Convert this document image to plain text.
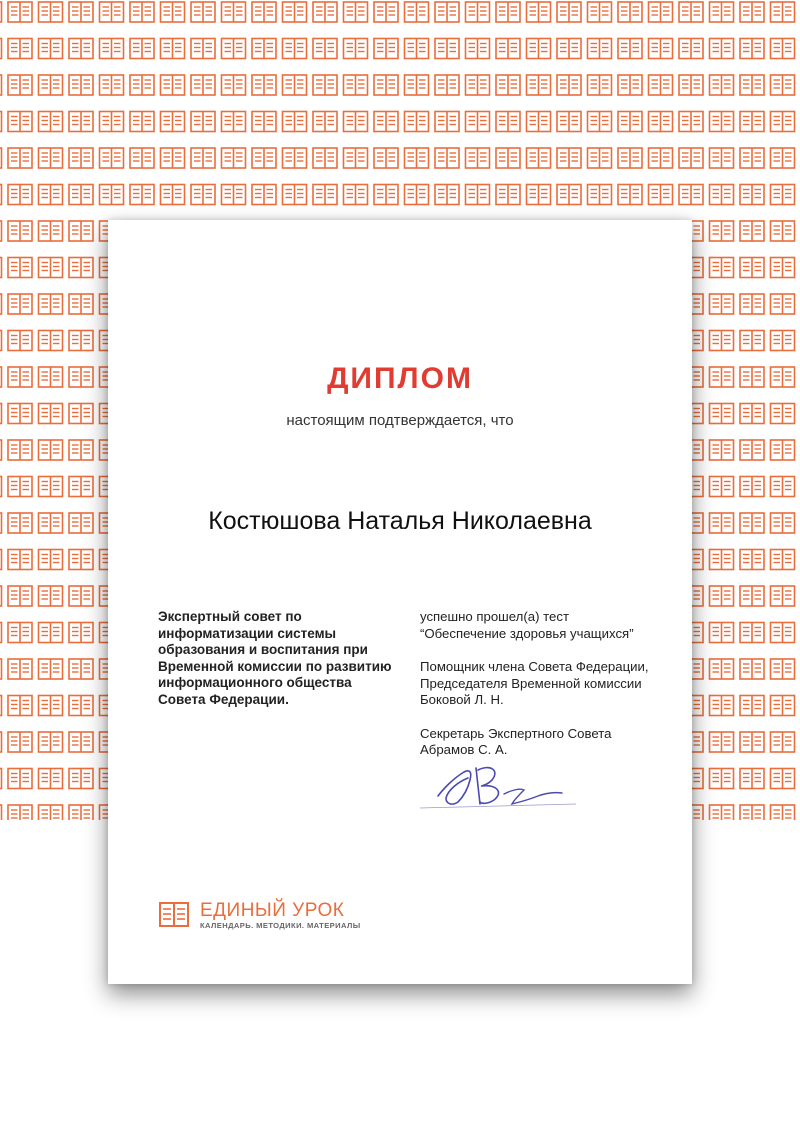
ДИПЛОМ
настоящим подтверждается, что
Костюшова Наталья Николаевна
Экспертный совет по
информатизации системы
образования и воспитания при
Временной комиссии по развитию
информационного общества
Совета Федерации.
успешно прошел(а) тест
“Обеспечение здоровья учащихся”
Помощник члена Совета Федерации,
Председателя Временной комиссии
Боковой Л. Н.
Секретарь Экспертного Совета
Абрамов С. А.
ЕДИНЫЙ УРОК
КАЛЕНДАРЬ. МЕТОДИКИ. МАТЕРИАЛЫ
